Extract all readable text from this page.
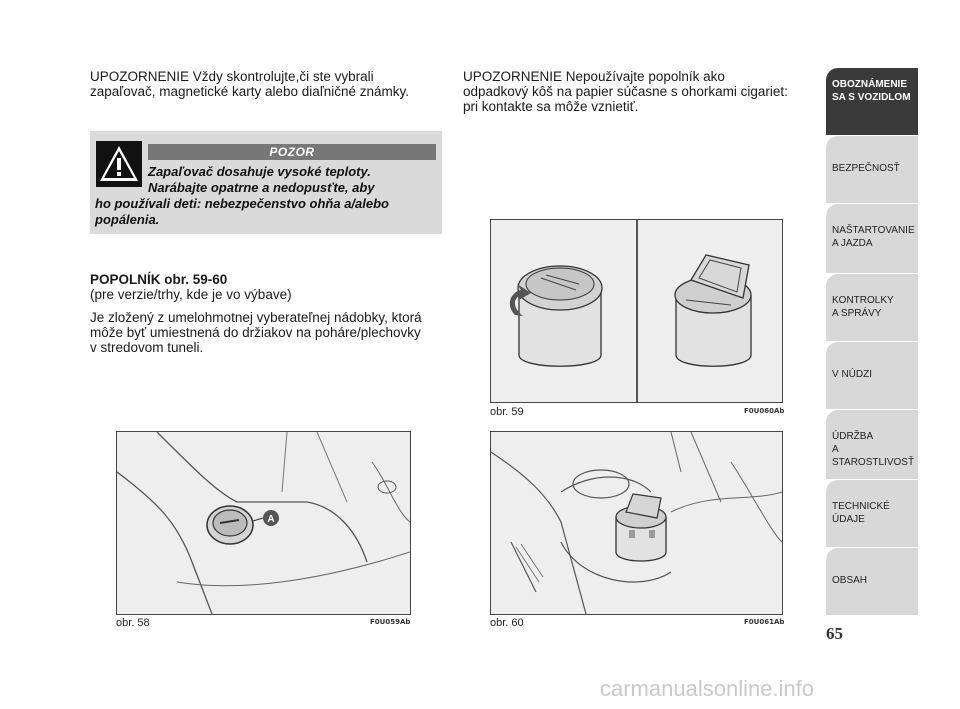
UPOZORNENIE Vždy skontrolujte,či ste vybrali
zapaľovač, magnetické karty alebo diaľničné známky.
POZOR
Zapaľovač dosahuje vysoké teploty.
Narábajte opatrne a nedopusťte, aby
ho používali deti: nebezpečenstvo ohňa a/alebo
popálenia.
POPOLNÍK obr. 59-60
(pre verzie/trhy, kde je vo výbave)
Je zložený z umelohmotnej vyberateľnej nádobky, ktorá
môže byť umiestnená do držiakov na poháre/plechovky
v stredovom tuneli.
A
obr. 58	F0U059Ab
UPOZORNENIE Nepoužívajte popolník ako
odpadkový kôš na papier súčasne s ohorkami cigariet:
pri kontakte sa môže vznietiť.
obr. 59	F0U060Ab
obr. 60	F0U061Ab
OBOZNÁMENIE
SA S VOZIDLOM
BEZPEČNOSŤ
NAŠTARTOVANIE
A JAZDA
KONTROLKY
A SPRÁVY
V NÚDZI
ÚDRŽBA
A STAROSTLIVOSŤ
TECHNICKÉ
ÚDAJE
OBSAH
65
carmanualsonline.info
